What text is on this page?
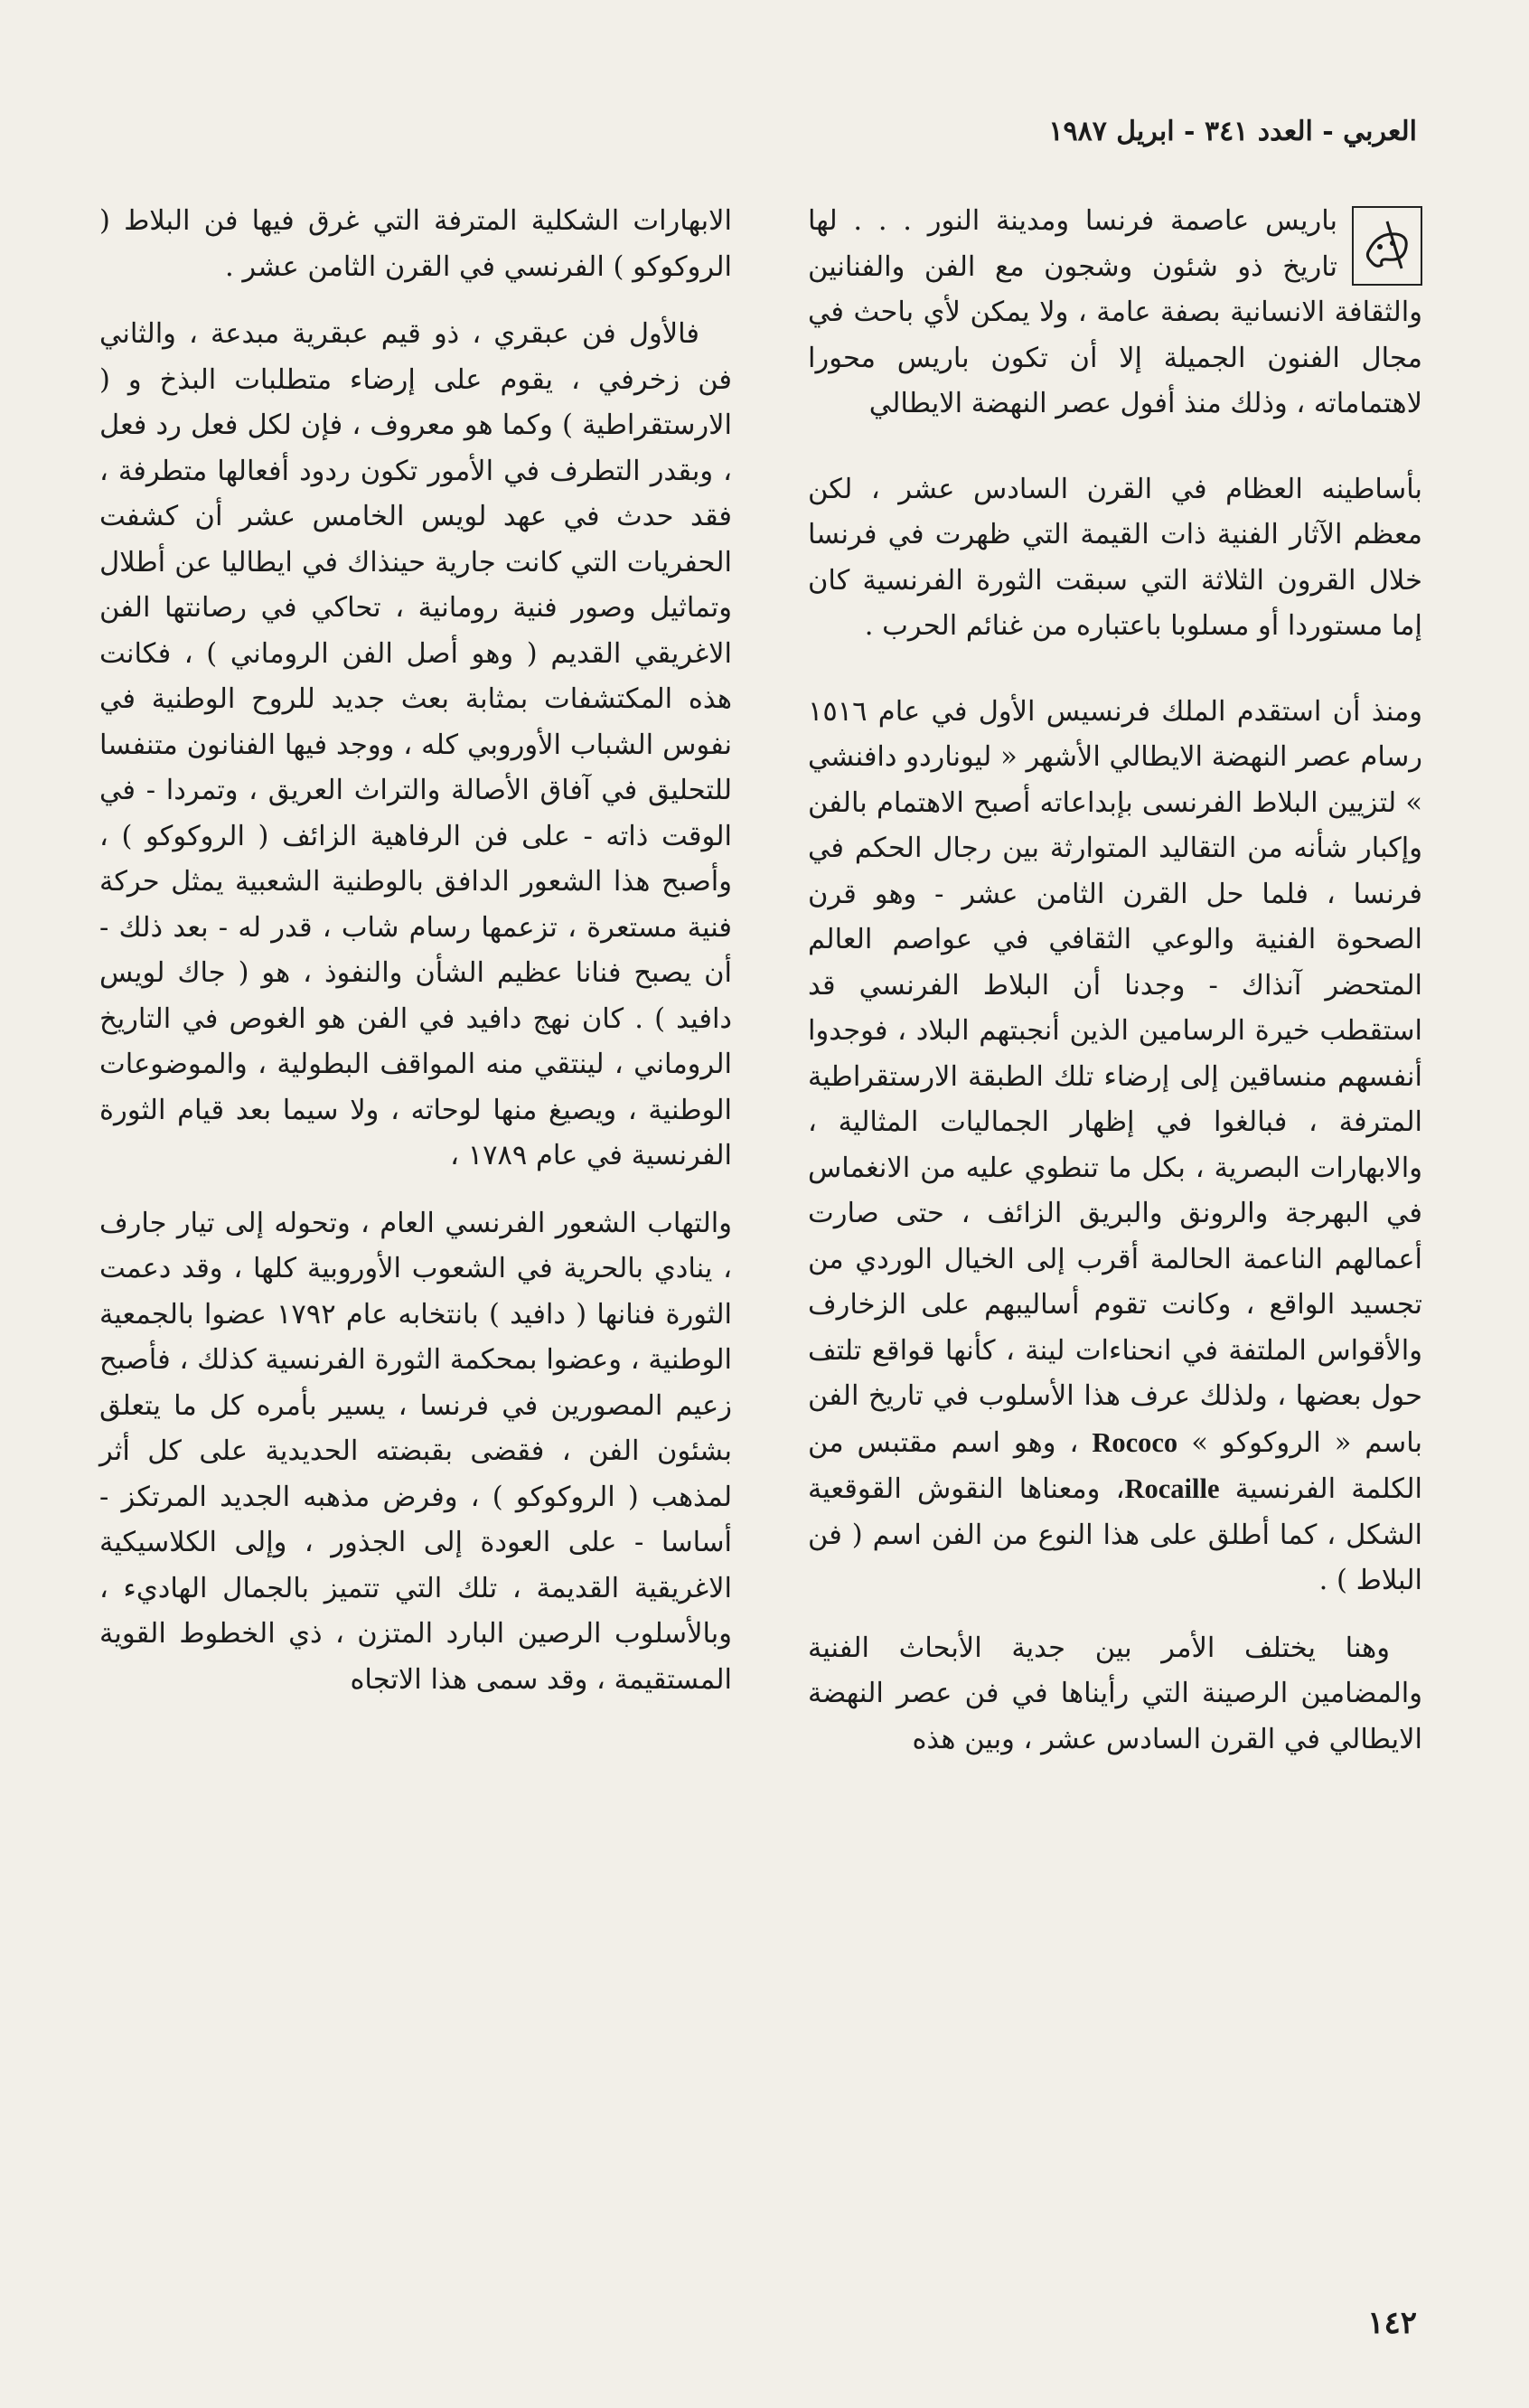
العربي - العدد ٣٤١ - ابريل ١٩٨٧

باريس عاصمة فرنسا ومدينة النور . . . لها تاريخ ذو شئون وشجون مع الفن والفنانين والثقافة الانسانية بصفة عامة ، ولا يمكن لأي باحث في مجال الفنون الجميلة إلا أن تكون باريس محورا لاهتماماته ، وذلك منذ أفول عصر النهضة الايطالي

بأساطينه العظام في القرن السادس عشر ، لكن معظم الآثار الفنية ذات القيمة التي ظهرت في فرنسا خلال القرون الثلاثة التي سبقت الثورة الفرنسية كان إما مستوردا أو مسلوبا باعتباره من غنائم الحرب .

ومنذ أن استقدم الملك فرنسيس الأول في عام ١٥١٦ رسام عصر النهضة الايطالي الأشهر « ليوناردو دافنشي » لتزيين البلاط الفرنسى بإبداعاته أصبح الاهتمام بالفن وإكبار شأنه من التقاليد المتوارثة بين رجال الحكم في فرنسا ، فلما حل القرن الثامن عشر - وهو قرن الصحوة الفنية والوعي الثقافي في عواصم العالم المتحضر آنذاك - وجدنا أن البلاط الفرنسي قد استقطب خيرة الرسامين الذين أنجبتهم البلاد ، فوجدوا أنفسهم منساقين إلى إرضاء تلك الطبقة الارستقراطية المترفة ، فبالغوا في إظهار الجماليات المثالية ، والابهارات البصرية ، بكل ما تنطوي عليه من الانغماس في البهرجة والرونق والبريق الزائف ، حتى صارت أعمالهم الناعمة الحالمة أقرب إلى الخيال الوردي من تجسيد الواقع ، وكانت تقوم أساليبهم على الزخارف والأقواس الملتفة في انحناءات لينة ، كأنها قواقع تلتف حول بعضها ، ولذلك عرف هذا الأسلوب في تاريخ الفن باسم « الروكوكو » Rococo ، وهو اسم مقتبس من الكلمة الفرنسية Rocaille، ومعناها النقوش القوقعية الشكل ، كما أطلق على هذا النوع من الفن اسم ( فن البلاط ) .

وهنا يختلف الأمر بين جدية الأبحاث الفنية والمضامين الرصينة التي رأيناها في فن عصر النهضة الايطالي في القرن السادس عشر ، وبين هذه

الابهارات الشكلية المترفة التي غرق فيها فن البلاط ( الروكوكو ) الفرنسي في القرن الثامن عشر .

فالأول فن عبقري ، ذو قيم عبقرية مبدعة ، والثاني فن زخرفي ، يقوم على إرضاء متطلبات البذخ و ( الارستقراطية ) وكما هو معروف ، فإن لكل فعل رد فعل ، وبقدر التطرف في الأمور تكون ردود أفعالها متطرفة ، فقد حدث في عهد لويس الخامس عشر أن كشفت الحفريات التي كانت جارية حينذاك في ايطاليا عن أطلال وتماثيل وصور فنية رومانية ، تحاكي في رصانتها الفن الاغريقي القديم ( وهو أصل الفن الروماني ) ، فكانت هذه المكتشفات بمثابة بعث جديد للروح الوطنية في نفوس الشباب الأوروبي كله ، ووجد فيها الفنانون متنفسا للتحليق في آفاق الأصالة والتراث العريق ، وتمردا - في الوقت ذاته - على فن الرفاهية الزائف ( الروكوكو ) ، وأصبح هذا الشعور الدافق بالوطنية الشعبية يمثل حركة فنية مستعرة ، تزعمها رسام شاب ، قدر له - بعد ذلك - أن يصبح فنانا عظيم الشأن والنفوذ ، هو ( جاك لويس دافيد ) . كان نهج دافيد في الفن هو الغوص في التاريخ الروماني ، لينتقي منه المواقف البطولية ، والموضوعات الوطنية ، ويصيغ منها لوحاته ، ولا سيما بعد قيام الثورة الفرنسية في عام ١٧٨٩ ،

والتهاب الشعور الفرنسي العام ، وتحوله إلى تيار جارف ، ينادي بالحرية في الشعوب الأوروبية كلها ، وقد دعمت الثورة فنانها ( دافيد ) بانتخابه عام ١٧٩٢ عضوا بالجمعية الوطنية ، وعضوا بمحكمة الثورة الفرنسية كذلك ، فأصبح زعيم المصورين في فرنسا ، يسير بأمره كل ما يتعلق بشئون الفن ، فقضى بقبضته الحديدية على كل أثر لمذهب ( الروكوكو ) ، وفرض مذهبه الجديد المرتكز - أساسا - على العودة إلى الجذور ، وإلى الكلاسيكية الاغريقية القديمة ، تلك التي تتميز بالجمال الهاديء ، وبالأسلوب الرصين البارد المتزن ، ذي الخطوط القوية المستقيمة ، وقد سمى هذا الاتجاه

١٤٢
